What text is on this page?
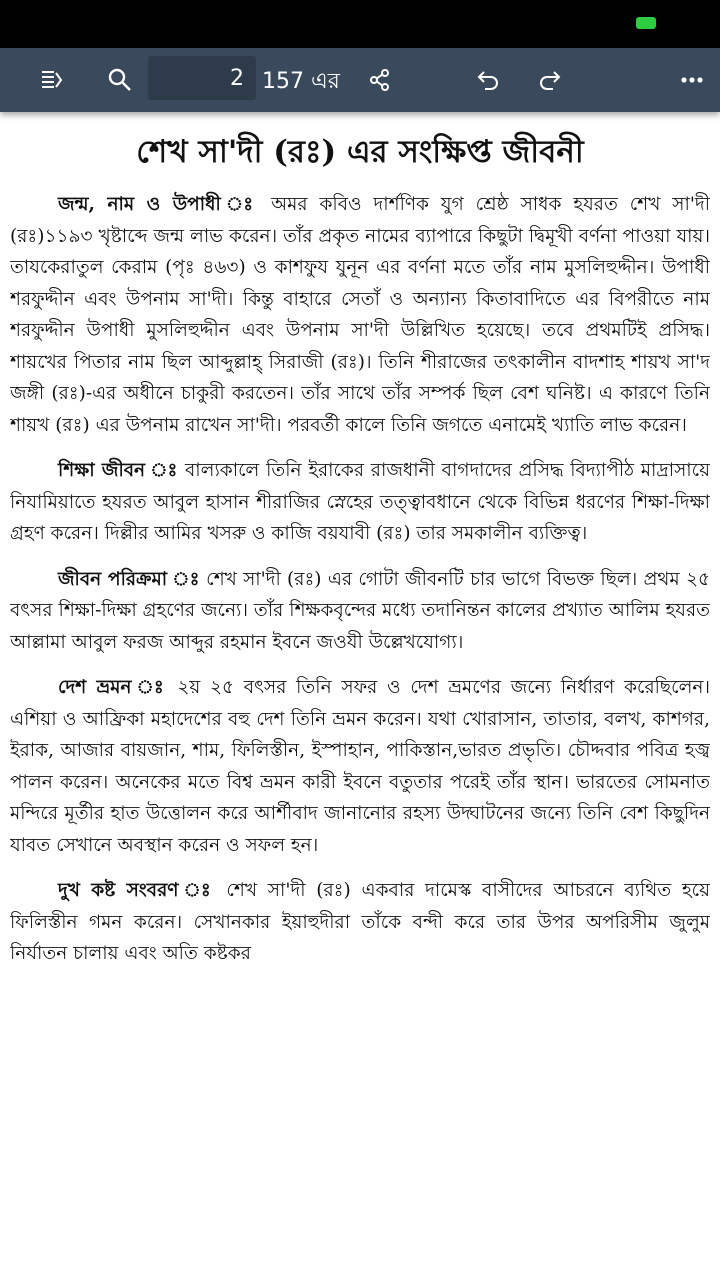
2
157 এর
শেখ সা'দী (রঃ) এর সংক্ষিপ্ত জীবনী

জন্ম, নাম ও উপাধী ঃ অমর কবিও দার্শণিক যুগ শ্রেষ্ঠ সাধক হযরত শেখ সা'দী (রঃ)১১৯৩ খৃষ্টাব্দে জন্ম লাভ করেন। তাঁর প্রকৃত নামের ব্যাপারে কিছুটা দ্বিমূখী বর্ণনা পাওয়া যায়। তাযকেরাতুল কেরাম (পৃঃ ৪৬৩) ও কাশফুয যুনূন এর বর্ণনা মতে তাঁর নাম মুসলিহুদ্দীন। উপাধী শরফুদ্দীন এবং উপনাম সা'দী। কিন্তু বাহারে সেতাঁ ও অন্যান্য কিতাবাদিতে এর বিপরীতে নাম শরফুদ্দীন উপাধী মুসলিহুদ্দীন এবং উপনাম সা'দী উল্লিখিত হয়েছে। তবে প্রথমটিই প্রসিদ্ধ। শায়খের পিতার নাম ছিল আব্দুল্লাহ্ সিরাজী (রঃ)। তিনি শীরাজের তৎকালীন বাদশাহ শায়খ সা'দ জঙ্গী (রঃ)-এর অধীনে চাকুরী করতেন। তাঁর সাথে তাঁর সম্পর্ক ছিল বেশ ঘনিষ্ট। এ কারণে তিনি শায়খ (রঃ) এর উপনাম রাখেন সা'দী। পরবর্তী কালে তিনি জগতে এনামেই খ্যাতি লাভ করেন।

শিক্ষা জীবন ঃ বাল্যকালে তিনি ইরাকের রাজধানী বাগদাদের প্রসিদ্ধ বিদ্যাপীঠ মাদ্রাসায়ে নিযামিয়াতে হযরত আবুল হাসান শীরাজির স্নেহের তত্ত্বাবধানে থেকে বিভিন্ন ধরণের শিক্ষা-দিক্ষা গ্রহণ করেন। দিল্লীর আমির খসরু ও কাজি বয়যাবী (রঃ) তার সমকালীন ব্যক্তিত্ব।

জীবন পরিক্রমা ঃ শেখ সা'দী (রঃ) এর গোটা জীবনটি চার ভাগে বিভক্ত ছিল। প্রথম ২৫ বৎসর শিক্ষা-দিক্ষা গ্রহণের জন্যে। তাঁর শিক্ষকবৃন্দের মধ্যে তদানিন্তন কালের প্রখ্যাত আলিম হযরত আল্লামা আবুল ফরজ আব্দুর রহমান ইবনে জওযী উল্লেখযোগ্য।

দেশ ভ্রমন ঃ ২য় ২৫ বৎসর তিনি সফর ও দেশ ভ্রমণের জন্যে নির্ধারণ করেছিলেন। এশিয়া ও আফ্রিকা মহাদেশের বহু দেশ তিনি ভ্রমন করেন। যথা খোরাসান, তাতার, বলখ, কাশগর, ইরাক, আজার বায়জান, শাম, ফিলিস্তীন, ইস্পাহান, পাকিস্তান,ভারত প্রভৃতি। চৌদ্দবার পবিত্র হজ্ব পালন করেন। অনেকের মতে বিশ্ব ভ্রমন কারী ইবনে বতুতার পরেই তাঁর স্থান। ভারতের সোমনাত মন্দিরে মূর্তীর হাত উত্তোলন করে আর্শীবাদ জানানোর রহস্য উদ্ঘাটনের জন্যে তিনি বেশ কিছুদিন যাবত সেখানে অবস্থান করেন ও সফল হন।

দুখ কষ্ট সংবরণ ঃ শেখ সা'দী (রঃ) একবার দামেস্ক বাসীদের আচরনে ব্যথিত হয়ে ফিলিস্তীন গমন করেন। সেখানকার ইয়াহুদীরা তাঁকে বন্দী করে তার উপর অপরিসীম জুলুম নির্যাতন চালায় এবং অতি কষ্টকর
